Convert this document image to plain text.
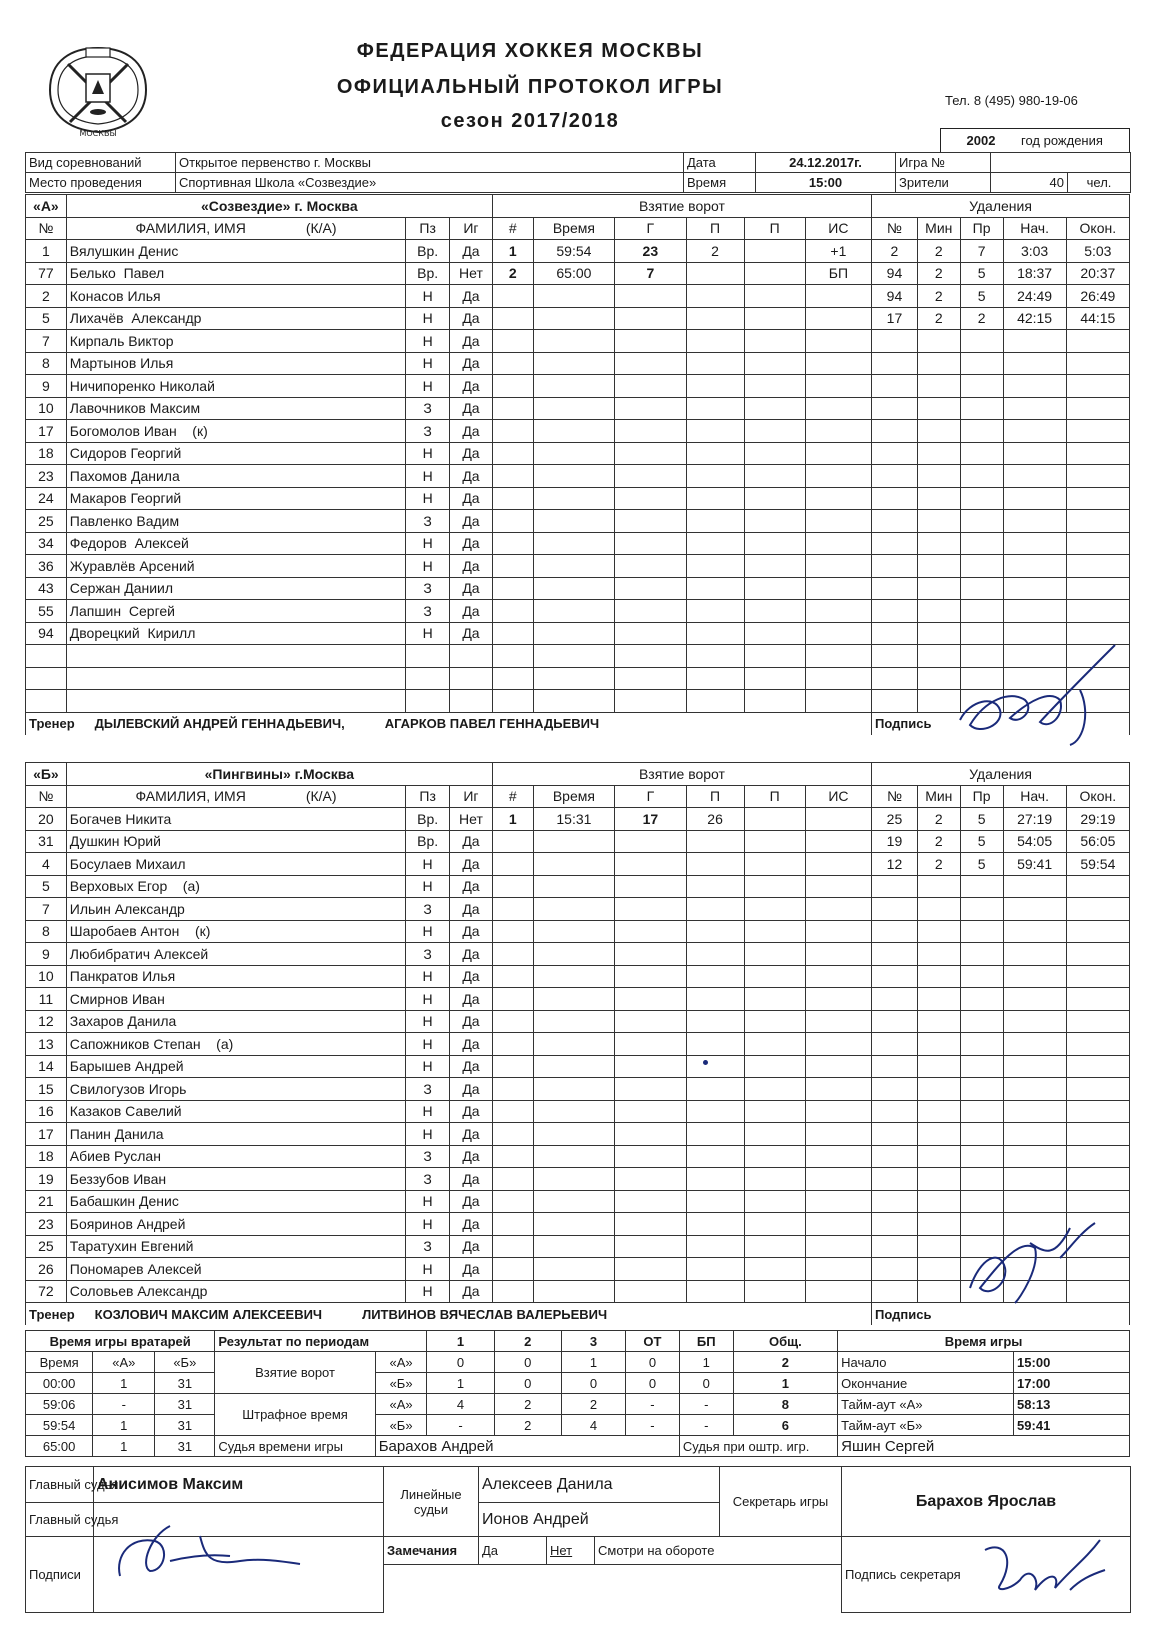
МОСКВЫ
ФЕДЕРАЦИЯ ХОККЕЯ МОСКВЫ
ОФИЦИАЛЬНЫЙ ПРОТОКОЛ ИГРЫ
сезон 2017/2018
Тел. 8 (495) 980-19-06
2002	год рождения
Вид соревнований	Открытое первенство г. Москвы	Дата	24.12.2017г.	Игра №		
Место проведения	Спортивная Школа «Созвездие»	Время	15:00	Зрители	40	чел.
«А»	«Созвездие» г. Москва			Взятие ворот						Удаления				
№	ФАМИЛИЯ, ИМЯ (К/А)	Пз	Иг	#	Время	Г	П	П	ИС	№	Мин	Пр	Нач.	Окон.
1	Вялушкин Денис	Вр.	Да	1	59:54	23	2		+1	2	2	7	3:03	5:03
77	Белько  Павел	Вр.	Нет	2	65:00	7			БП	94	2	5	18:37	20:37
2	Конасов Илья	Н	Да							94	2	5	24:49	26:49
5	Лихачёв  Александр	Н	Да							17	2	2	42:15	44:15
7	Кирпаль Виктор	Н	Да											
8	Мартынов Илья	Н	Да											
9	Ничипоренко Николай	Н	Да											
10	Лавочников Максим	З	Да											
17	Богомолов Иван    (к)	З	Да											
18	Сидоров Георгий	Н	Да											
23	Пахомов Данила	Н	Да											
24	Макаров Георгий	Н	Да											
25	Павленко Вадим	З	Да											
34	Федоров  Алексей	Н	Да											
36	Журавлёв Арсений	Н	Да											
43	Сержан Даниил	З	Да											
55	Лапшин  Сергей	З	Да											
94	Дворецкий  Кирилл	Н	Да											

Тренер ДЫЛЕВСКИЙ АНДРЕЙ ГЕННАДЬЕВИЧ, АГАРКОВ ПАВЕЛ ГЕННАДЬЕВИЧ										Подпись				
«Б»	«Пингвины» г.Москва			Взятие ворот						Удаления				
№	ФАМИЛИЯ, ИМЯ (К/А)	Пз	Иг	#	Время	Г	П	П	ИС	№	Мин	Пр	Нач.	Окон.
20	Богачев Никита	Вр.	Нет	1	15:31	17	26			25	2	5	27:19	29:19
31	Душкин Юрий	Вр.	Да							19	2	5	54:05	56:05
4	Босулаев Михаил	Н	Да							12	2	5	59:41	59:54
5	Верховых Егор    (а)	Н	Да											
7	Ильин Александр	З	Да											
8	Шаробаев Антон    (к)	Н	Да											
9	Любибратич Алексей	З	Да											
10	Панкратов Илья	Н	Да											
11	Смирнов Иван	Н	Да											
12	Захаров Данила	Н	Да											
13	Сапожников Степан    (а)	Н	Да											
14	Барышев Андрей	Н	Да											
15	Свилогузов Игорь	З	Да											
16	Казаков Савелий	Н	Да											
17	Панин Данила	Н	Да											
18	Абиев Руслан	З	Да											
19	Беззубов Иван	З	Да											
21	Бабашкин Денис	Н	Да											
23	Бояринов Андрей	Н	Да											
25	Таратухин Евгений	З	Да											
26	Пономарев Алексей	Н	Да											
72	Соловьев Александр	Н	Да											
Тренер КОЗЛОВИЧ МАКСИМ АЛЕКСЕЕВИЧ ЛИТВИНОВ ВЯЧЕСЛАВ ВАЛЕРЬЕВИЧ										Подпись				
Время игры вратарей			Результат по периодам		1	2	3	ОТ	БП	Общ.	Время игры	
Время	«А»	«Б»	Взятие ворот	«А»	0	0	1	0	1	2	Начало	15:00
00:00	1	31		«Б»	1	0	0	0	0	1	Окончание	17:00
59:06	-	31	Штрафное время	«А»	4	2	2	-	-	8	Тайм-аут «А»	58:13
59:54	1	31		«Б»	-	2	4	-	-	6	Тайм-аут «Б»	59:41
65:00	1	31	Судья времени игры	Барахов Андрей					Судья при оштр. игр.		Яшин Сергей	
Главный судья	Анисимов Максим	Линейные судьи	Алексеев Данила			Секретарь игры	Барахов Ярослав
Главный судья			Ионов Андрей				
Подписи		Замечания	Да	Нет	Смотри на обороте		Подпись секретаря
